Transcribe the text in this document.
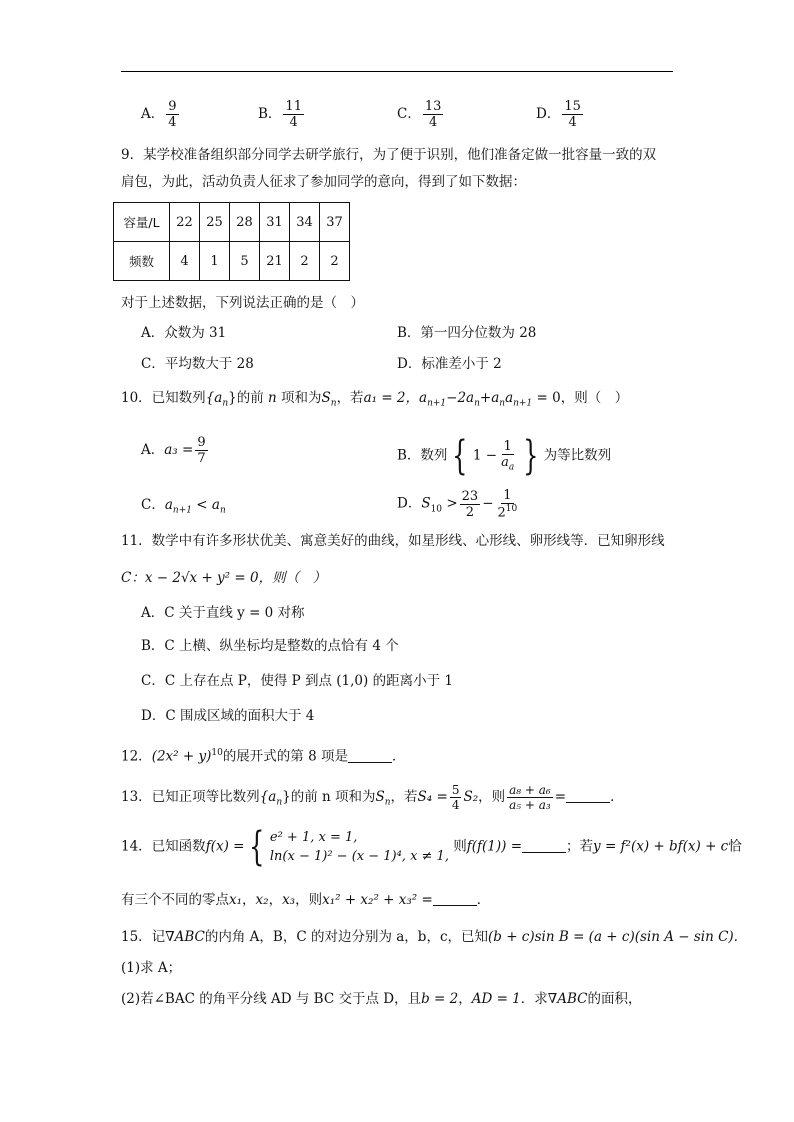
A． $\frac{9}{4}$	B． $\frac{11}{4}$	C． $\frac{13}{4}$	D． $\frac{15}{4}$
9．某学校准备组织部分同学去研学旅行，为了便于识别，他们准备定做一批容量一致的双
肩包，为此，活动负责人征求了参加同学的意向，得到了如下数据：
容量/L	22	25	28	31	34	37
频数	4	1	5	21	2	2
对于上述数据，下列说法正确的是（　）
A．众数为 31	B．第一四分位数为 28
C．平均数大于 28	D．标准差小于 2
10．已知数列$\{a_n\}$的前 n 项和为$S_n$，若a₁ = 2，$a_{n+1}-2a_n+a_na_{n+1} = 0$，则（　）
A．$a_3 = \frac{9}{7}$	B．数列 { $1 - \frac{1}{a_a}$ } 为等比数列
C．$a_{n+1} < a_n$	D．$S_{10} > \frac{23}{2} - \frac{1}{2^{10}}$
11．数学中有许多形状优美、寓意美好的曲线，如星形线、心形线、卵形线等．已知卵形线
C：x − 2√x + y² = 0，则（　）
A．C 关于直线 y = 0 对称
B．C 上横、纵坐标均是整数的点恰有 4 个
C．C 上存在点 P，使得 P 到点 (1,0) 的距离小于 1
D．C 围成区域的面积大于 4
12．$(2x^2 + y)^{10}$的展开式的第 8 项是	．
13．已知正项等比数列$\{a_n\}$的前 n 项和为$S_n$，若$S_4 = \frac{5}{4} S_2$，则 $\frac{\text{a₈ + a₆}}{\text{a₅ + a₃}}$ =	．
14．已知函数f(x) = { e² + 1, x = 1,
ln(x − 1)² − (x − 1)⁴, x ≠ 1,
则f(f(1)) =	；若y = f²(x) + bf(x) + c恰
有三个不同的零点x₁，x₂，x₃，则x₁² + x₂² + x₃² =	．
15．记∇ABC的内角 A，B，C 的对边分别为 a，b，c，已知(b + c)sin B = (a + c)(sin A − sin C)．
(1)求 A；
(2)若∠BAC 的角平分线 AD 与 BC 交于点 D，且b = 2，AD = 1．求∇ABC的面积，
